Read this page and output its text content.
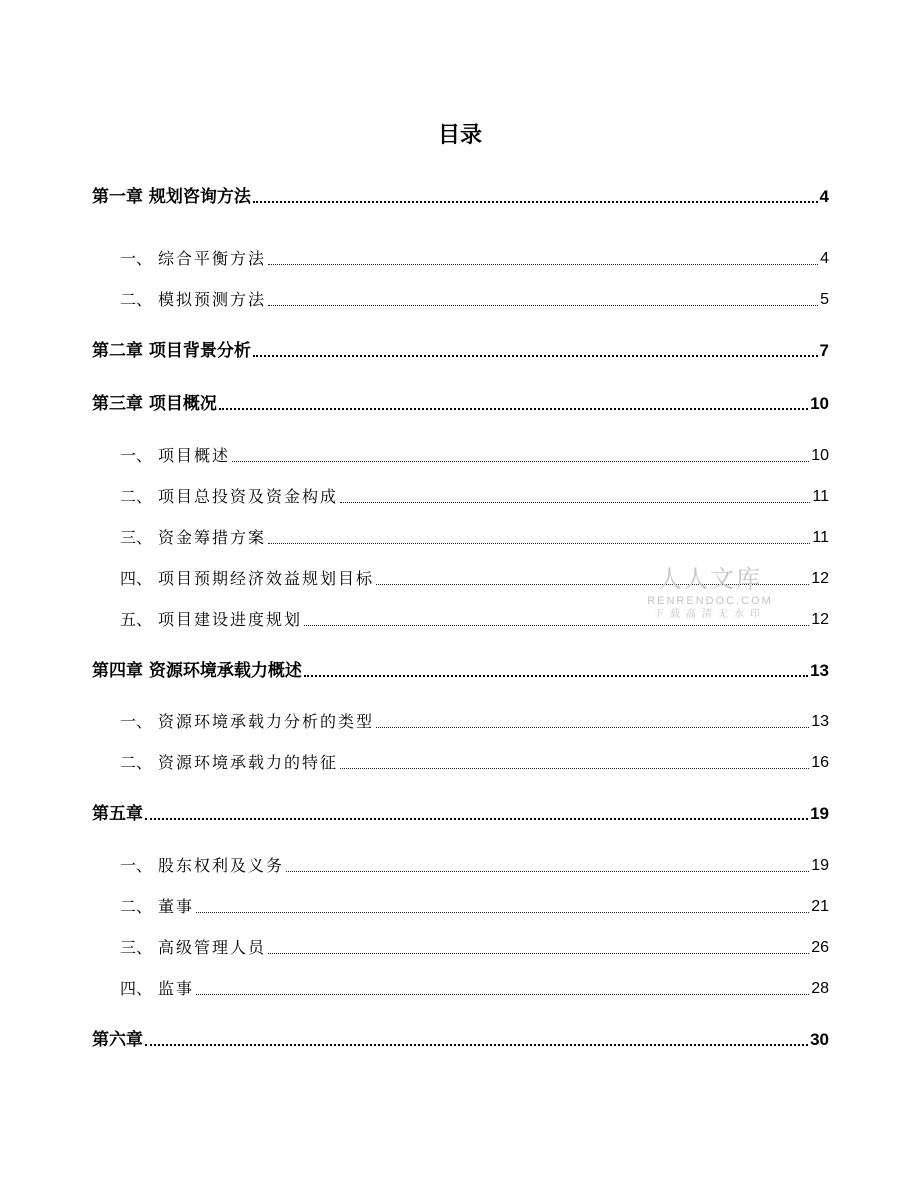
目录
第一章 规划咨询方法	4
一、 综合平衡方法	4
二、 模拟预测方法	5
第二章 项目背景分析	7
第三章 项目概况	10
一、 项目概述	10
二、 项目总投资及资金构成	11
三、 资金筹措方案	11
四、 项目预期经济效益规划目标	12
五、 项目建设进度规划	12
第四章 资源环境承载力概述	13
一、 资源环境承载力分析的类型	13
二、 资源环境承载力的特征	16
第五章	19
一、 股东权利及义务	19
二、 董事	21
三、 高级管理人员	26
四、 监事	28
第六章	30
人人文库
RENRENDOC.COM
下载高清无水印
